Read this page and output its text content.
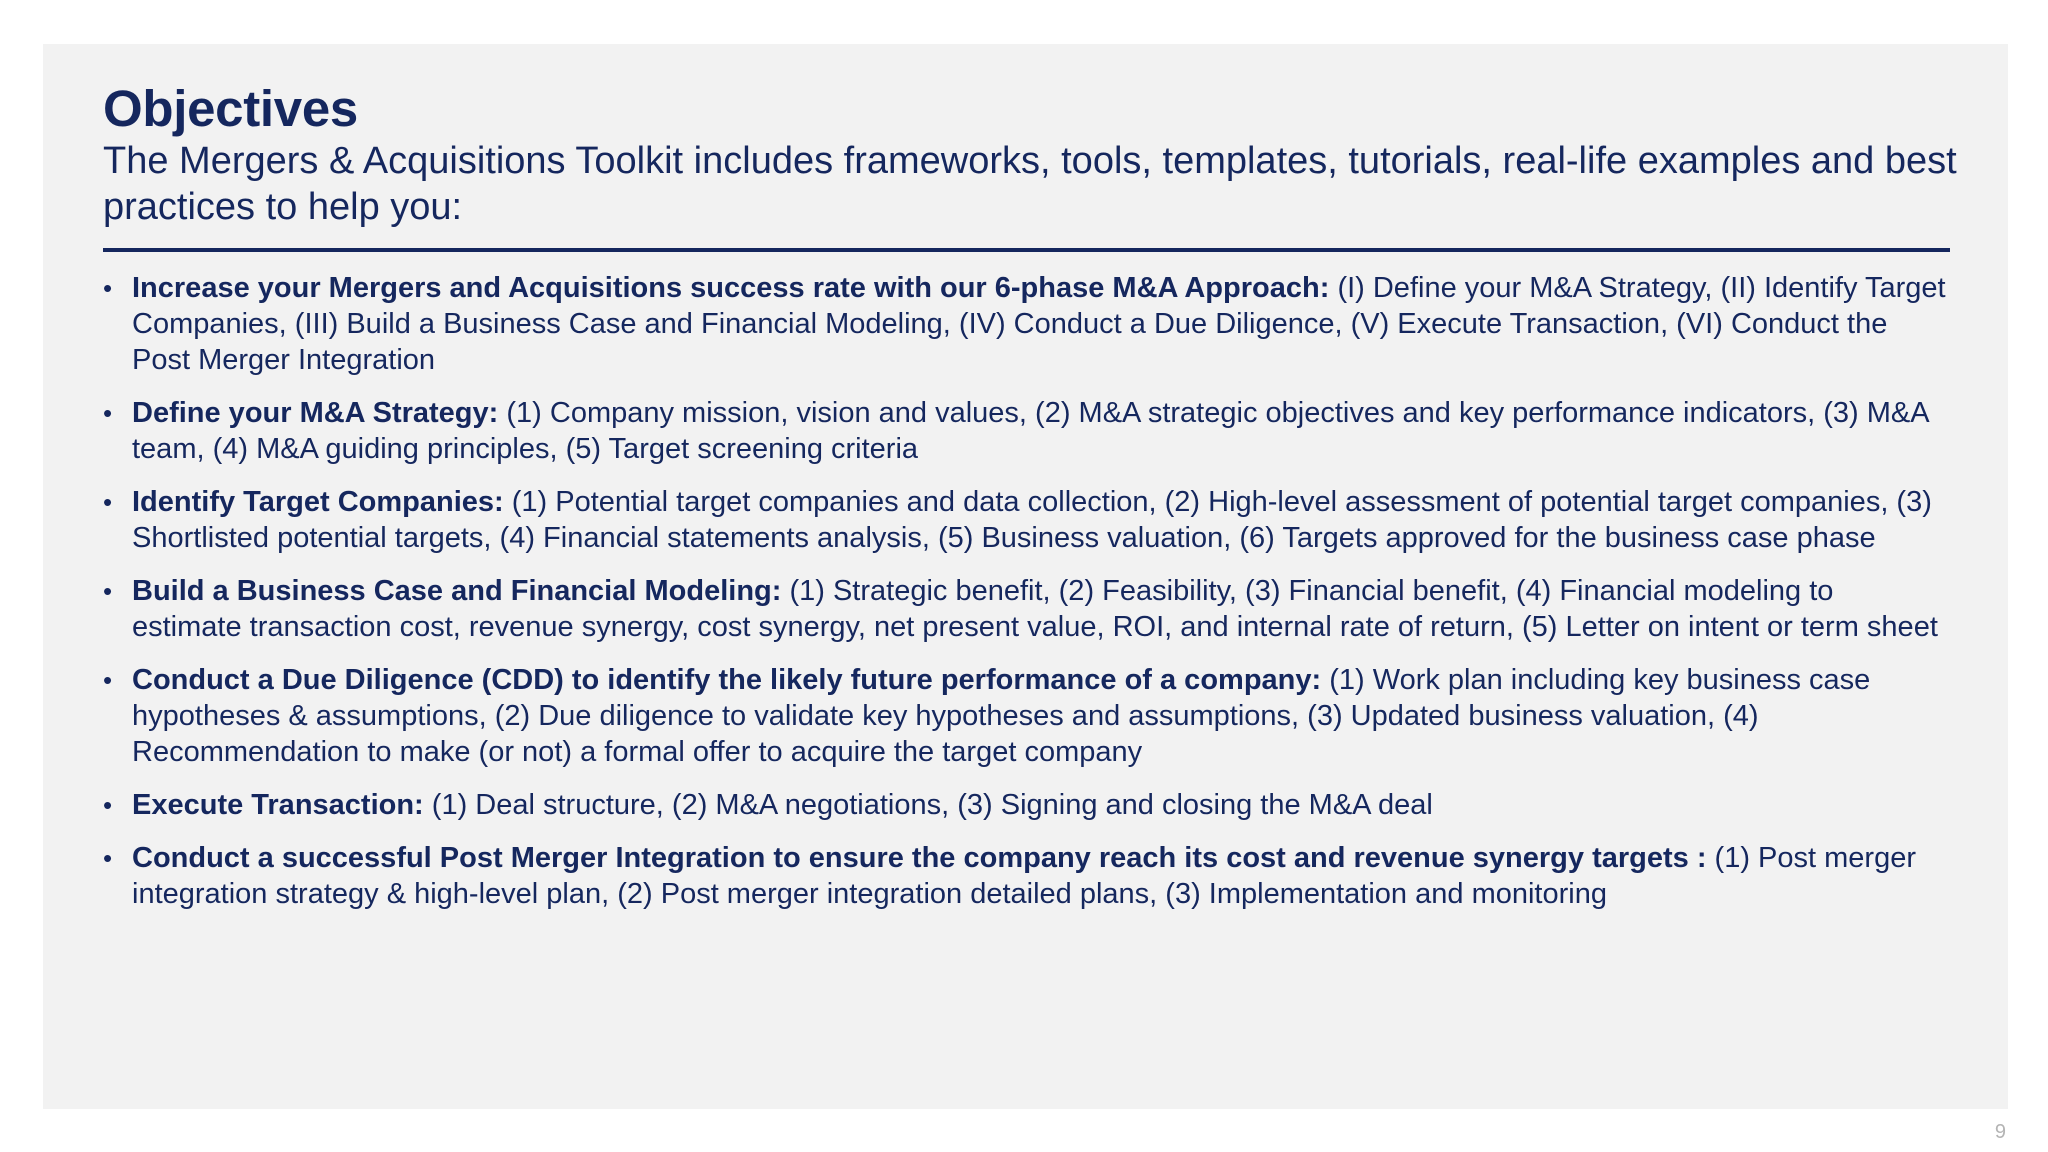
Objectives

The Mergers & Acquisitions Toolkit includes frameworks, tools, templates, tutorials, real-life examples and best practices to help you:

• Increase your Mergers and Acquisitions success rate with our 6-phase M&A Approach: (I) Define your M&A Strategy, (II) Identify Target Companies, (III) Build a Business Case and Financial Modeling, (IV) Conduct a Due Diligence, (V) Execute Transaction, (VI) Conduct the Post Merger Integration
• Define your M&A Strategy: (1) Company mission, vision and values, (2) M&A strategic objectives and key performance indicators, (3) M&A team, (4) M&A guiding principles, (5) Target screening criteria
• Identify Target Companies: (1) Potential target companies and data collection, (2) High-level assessment of potential target companies, (3) Shortlisted potential targets, (4) Financial statements analysis, (5) Business valuation, (6) Targets approved for the business case phase
• Build a Business Case and Financial Modeling: (1) Strategic benefit, (2) Feasibility, (3) Financial benefit, (4) Financial modeling to estimate transaction cost, revenue synergy, cost synergy, net present value, ROI, and internal rate of return, (5) Letter on intent or term sheet
• Conduct a Due Diligence (CDD) to identify the likely future performance of a company: (1) Work plan including key business case hypotheses & assumptions, (2) Due diligence to validate key hypotheses and assumptions, (3) Updated business valuation, (4) Recommendation to make (or not) a formal offer to acquire the target company
• Execute Transaction: (1) Deal structure, (2) M&A negotiations, (3) Signing and closing the M&A deal
• Conduct a successful Post Merger Integration to ensure the company reach its cost and revenue synergy targets : (1) Post merger integration strategy & high-level plan, (2) Post merger integration detailed plans, (3) Implementation and monitoring
9
